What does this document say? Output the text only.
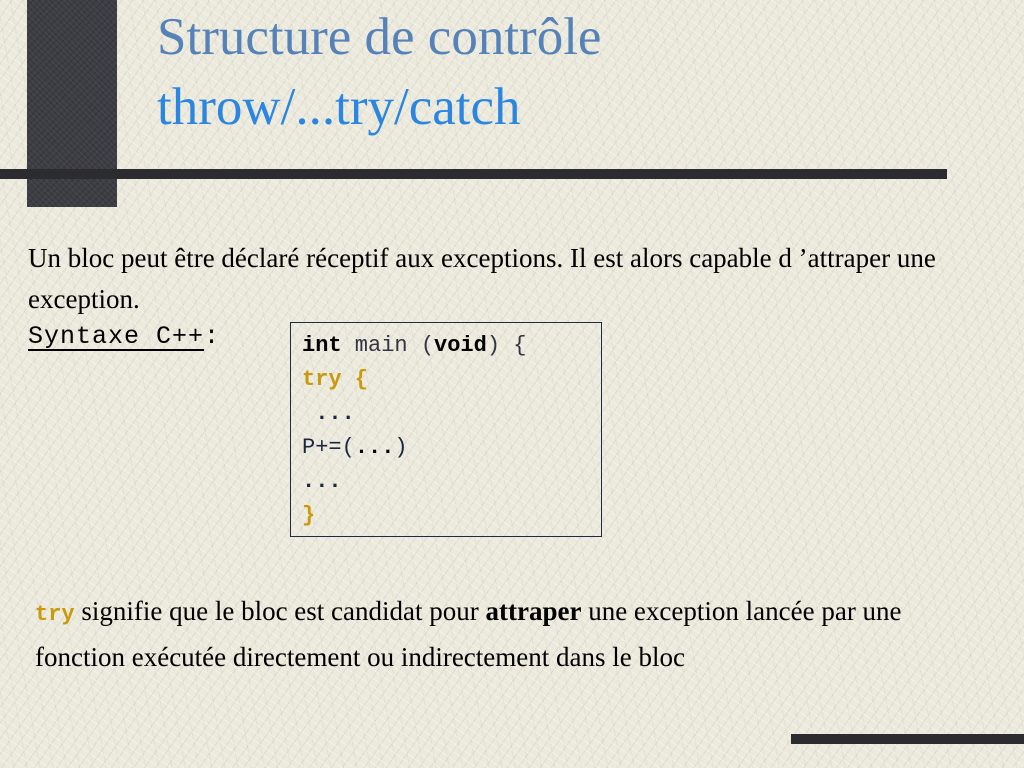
Structure de contrôle
throw/...try/catch

Un bloc peut être déclaré réceptif aux exceptions. Il est alors capable d ’attraper une exception.

Syntaxe C++:	int main (void) {
try {
...
P+=(...)
...
}

try signifie que le bloc est candidat pour attraper une exception lancée par une fonction exécutée directement ou indirectement dans le bloc
